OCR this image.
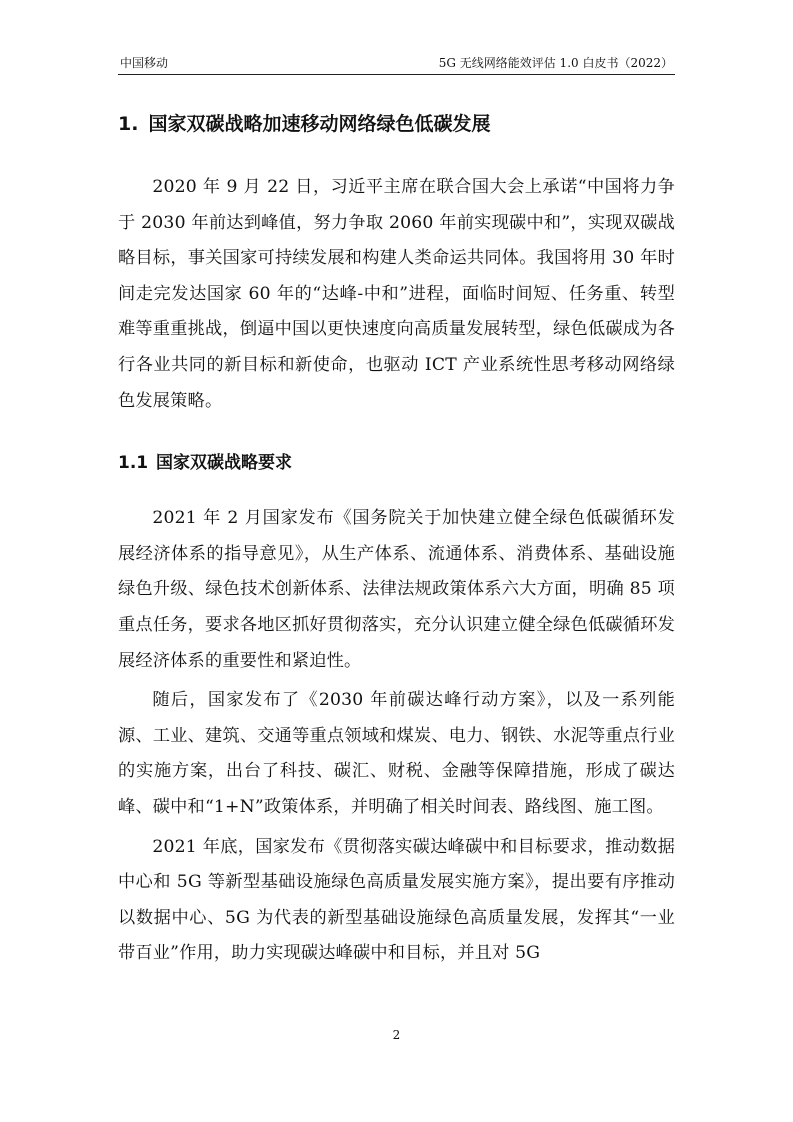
中国移动	5G 无线网络能效评估 1.0 白皮书（2022）
1. 国家双碳战略加速移动网络绿色低碳发展

2020 年 9 月 22 日，习近平主席在联合国大会上承诺“中国将力争于 2030 年前达到峰值，努力争取 2060 年前实现碳中和”，实现双碳战略目标，事关国家可持续发展和构建人类命运共同体。我国将用 30 年时间走完发达国家 60 年的“达峰-中和”进程，面临时间短、任务重、转型难等重重挑战，倒逼中国以更快速度向高质量发展转型，绿色低碳成为各行各业共同的新目标和新使命，也驱动 ICT 产业系统性思考移动网络绿色发展策略。

1.1 国家双碳战略要求

2021 年 2 月国家发布《国务院关于加快建立健全绿色低碳循环发展经济体系的指导意见》，从生产体系、流通体系、消费体系、基础设施绿色升级、绿色技术创新体系、法律法规政策体系六大方面，明确 85 项重点任务，要求各地区抓好贯彻落实，充分认识建立健全绿色低碳循环发展经济体系的重要性和紧迫性。

随后，国家发布了《2030 年前碳达峰行动方案》，以及一系列能源、工业、建筑、交通等重点领域和煤炭、电力、钢铁、水泥等重点行业的实施方案，出台了科技、碳汇、财税、金融等保障措施，形成了碳达峰、碳中和“1+N”政策体系，并明确了相关时间表、路线图、施工图。

2021 年底，国家发布《贯彻落实碳达峰碳中和目标要求，推动数据中心和 5G 等新型基础设施绿色高质量发展实施方案》，提出要有序推动以数据中心、5G 为代表的新型基础设施绿色高质量发展，发挥其“一业带百业”作用，助力实现碳达峰碳中和目标，并且对 5G

2
